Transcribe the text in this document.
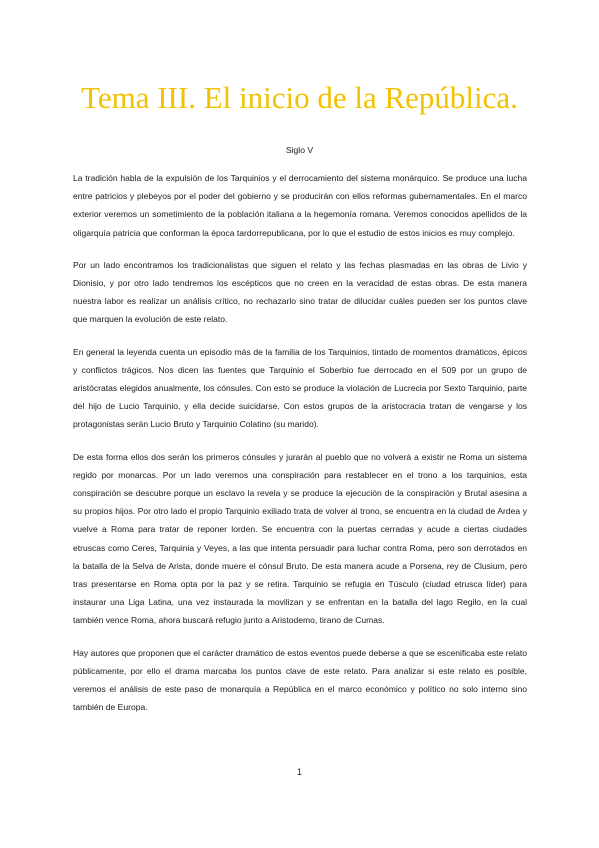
Tema III. El inicio de la República.
Siglo V

La tradición habla de la expulsión de los Tarquinios y el derrocamiento del sistema monárquico. Se produce una lucha entre patricios y plebeyos por el poder del gobierno y se producirán con ellos reformas gubernamentales. En el marco exterior veremos un sometimiento de la población italiana a la hegemonía romana. Veremos conocidos apellidos de la oligarquía patricia que conforman la época tardorrepublicana, por lo que el estudio de estos inicios es muy complejo.

Por un lado encontramos los tradicionalistas que siguen el relato y las fechas plasmadas en las obras de Livio y Dionisio, y por otro lado tendremos los escépticos que no creen en la veracidad de estas obras. De esta manera nuestra labor es realizar un análisis crítico, no rechazarlo sino tratar de dilucidar cuáles pueden ser los puntos clave que marquen la evolución de este relato.

En general la leyenda cuenta un episodio más de la familia de los Tarquinios, tintado de momentos dramáticos, épicos y conflictos trágicos. Nos dicen las fuentes que Tarquinio el Soberbio fue derrocado en el 509 por un grupo de aristócratas elegidos anualmente, los cónsules. Con esto se produce la violación de Lucrecia por Sexto Tarquinio, parte del hijo de Lucio Tarquinio, y ella decide suicidarse. Con estos grupos de la aristocracia tratan de vengarse y los protagonistas serán Lucio Bruto y Tarquinio Colatino (su marido).

De esta forma ellos dos serán los primeros cónsules y jurarán al pueblo que no volverá a existir ne Roma un sistema regido por monarcas. Por un lado veremos una conspiración para restablecer en el trono a los tarquinios, esta conspiración se descubre porque un esclavo la revela y se produce la ejecución de la conspiración y Brutal asesina a su propios hijos. Por otro lado el propio Tarquinio exiliado trata de volver al trono, se encuentra en la ciudad de Ardea y vuelve a Roma para tratar de reponer lorden. Se encuentra con la puertas cerradas y acude a ciertas ciudades etruscas como Ceres, Tarquinia y Veyes, a las que intenta persuadir para luchar contra Roma, pero son derrotados en la batalla de la Selva de Arista, donde muere el cónsul Bruto. De esta manera acude a Porsena, rey de Clusium, pero tras presentarse en Roma opta por la paz y se retira. Tarquinio se refugia en Túsculo (ciudad etrusca líder) para instaurar una Liga Latina, una vez instaurada la movilizan y se enfrentan en la batalla del lago Regilo, en la cual también vence Roma, ahora buscará refugio junto a Aristodemo, tirano de Cumas.

Hay autores que proponen que el carácter dramático de estos eventos puede deberse a que se escenificaba este relato públicamente, por ello el drama marcaba los puntos clave de este relato. Para analizar si este relato es posible, veremos el análisis de este paso de monarquía a República en el marco económico y político no solo interno sino también de Europa.

1
